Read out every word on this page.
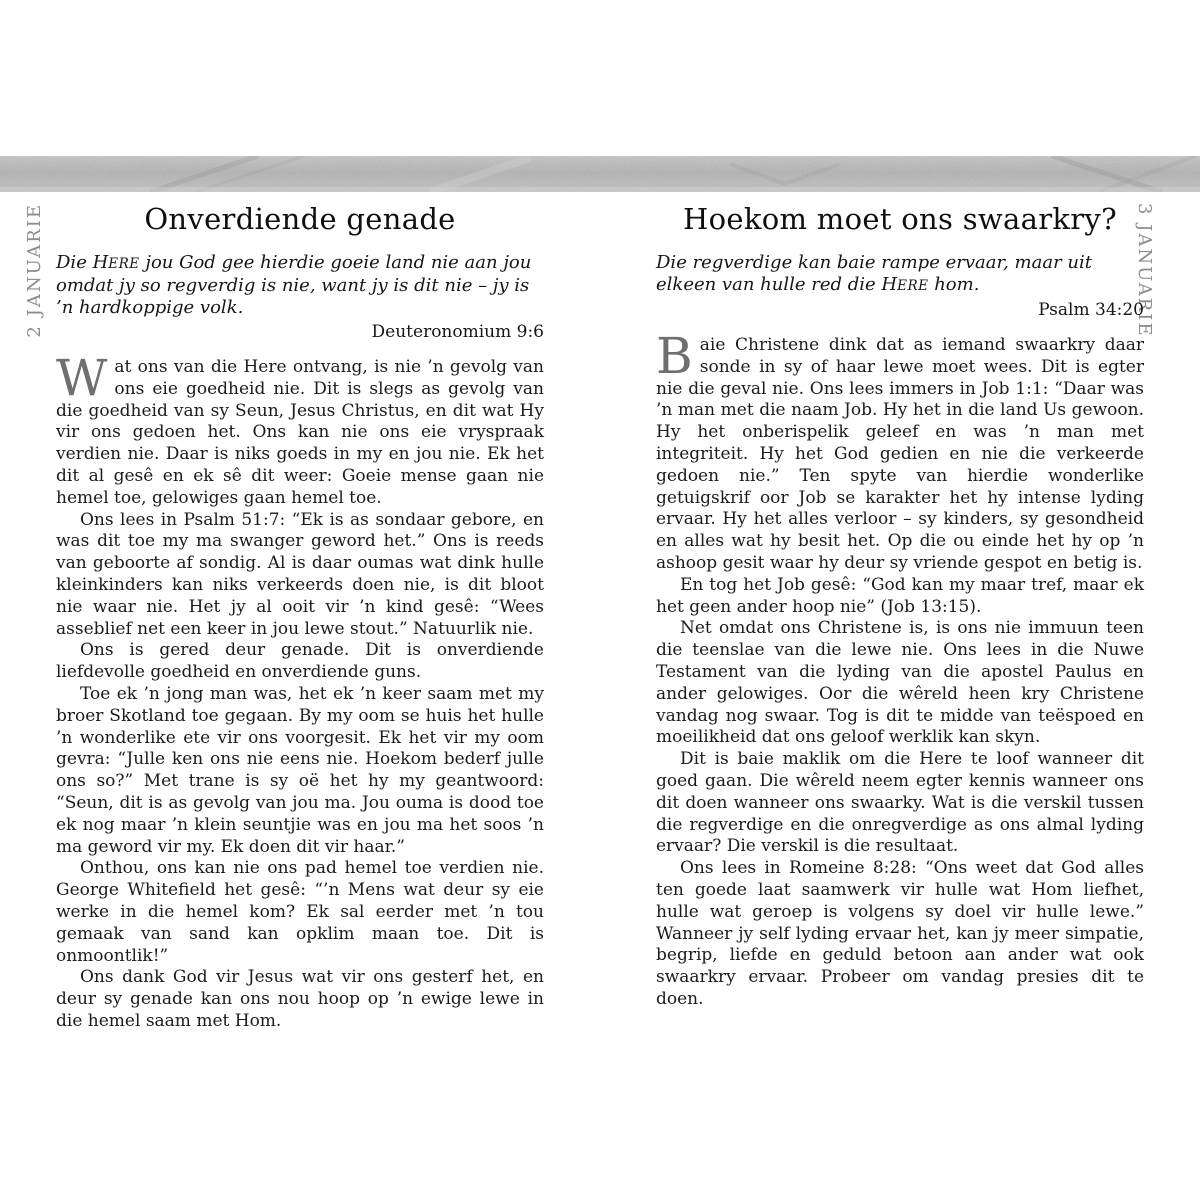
2 JANUARIE	3 JANUARIE
Onverdiende genade

Die HERE jou God gee hierdie goeie land nie aan jou omdat jy so regverdig is nie, want jy is dit nie – jy is ’n hardkoppige volk.

Deuteronomium 9:6

Wat ons van die Here ontvang, is nie ’n gevolg van ons eie goedheid nie. Dit is slegs as gevolg van die goedheid van sy Seun, Jesus Christus, en dit wat Hy vir ons gedoen het. Ons kan nie ons eie vryspraak verdien nie. Daar is niks goeds in my en jou nie. Ek het dit al gesê en ek sê dit weer: Goeie mense gaan nie hemel toe, gelowiges gaan hemel toe.

Ons lees in Psalm 51:7: “Ek is as sondaar gebore, en was dit toe my ma swanger geword het.” Ons is reeds van geboorte af sondig. Al is daar oumas wat dink hulle kleinkinders kan niks verkeerds doen nie, is dit bloot nie waar nie. Het jy al ooit vir ’n kind gesê: “Wees asseblief net een keer in jou lewe stout.” Natuurlik nie.

Ons is gered deur genade. Dit is onverdiende liefdevolle goedheid en onverdiende guns.

Toe ek ’n jong man was, het ek ’n keer saam met my broer Skotland toe gegaan. By my oom se huis het hulle ’n wonderlike ete vir ons voorgesit. Ek het vir my oom gevra: “Julle ken ons nie eens nie. Hoekom bederf julle ons so?” Met trane is sy oë het hy my geantwoord: “Seun, dit is as gevolg van jou ma. Jou ouma is dood toe ek nog maar ’n klein seuntjie was en jou ma het soos ’n ma geword vir my. Ek doen dit vir haar.”

Onthou, ons kan nie ons pad hemel toe verdien nie. George Whitefield het gesê: “’n Mens wat deur sy eie werke in die hemel kom? Ek sal eerder met ’n tou gemaak van sand kan opklim maan toe. Dit is onmoontlik!”

Ons dank God vir Jesus wat vir ons gesterf het, en deur sy genade kan ons nou hoop op ’n ewige lewe in die hemel saam met Hom.

Hoekom moet ons swaarkry?

Die regverdige kan baie rampe ervaar, maar uit elkeen van hulle red die HERE hom.

Psalm 34:20

Baie Christene dink dat as iemand swaarkry daar sonde in sy of haar lewe moet wees. Dit is egter nie die geval nie. Ons lees immers in Job 1:1: “Daar was ’n man met die naam Job. Hy het in die land Us gewoon. Hy het onberispelik geleef en was ’n man met integriteit. Hy het God gedien en nie die verkeerde gedoen nie.” Ten spyte van hierdie wonderlike getuigskrif oor Job se karakter het hy intense lyding ervaar. Hy het alles verloor – sy kinders, sy gesondheid en alles wat hy besit het. Op die ou einde het hy op ’n ashoop gesit waar hy deur sy vriende gespot en betig is.

En tog het Job gesê: “God kan my maar tref, maar ek het geen ander hoop nie” (Job 13:15).

Net omdat ons Christene is, is ons nie immuun teen die teenslae van die lewe nie. Ons lees in die Nuwe Testament van die lyding van die apostel Paulus en ander gelowiges. Oor die wêreld heen kry Christene vandag nog swaar. Tog is dit te midde van teëspoed en moeilikheid dat ons geloof werklik kan skyn.

Dit is baie maklik om die Here te loof wanneer dit goed gaan. Die wêreld neem egter kennis wanneer ons dit doen wanneer ons swaarky. Wat is die verskil tussen die regverdige en die onregverdige as ons almal lyding ervaar? Die verskil is die resultaat.

Ons lees in Romeine 8:28: “Ons weet dat God alles ten goede laat saamwerk vir hulle wat Hom liefhet, hulle wat geroep is volgens sy doel vir hulle lewe.” Wanneer jy self lyding ervaar het, kan jy meer simpatie, begrip, liefde en geduld betoon aan ander wat ook swaarkry ervaar. Probeer om vandag presies dit te doen.
